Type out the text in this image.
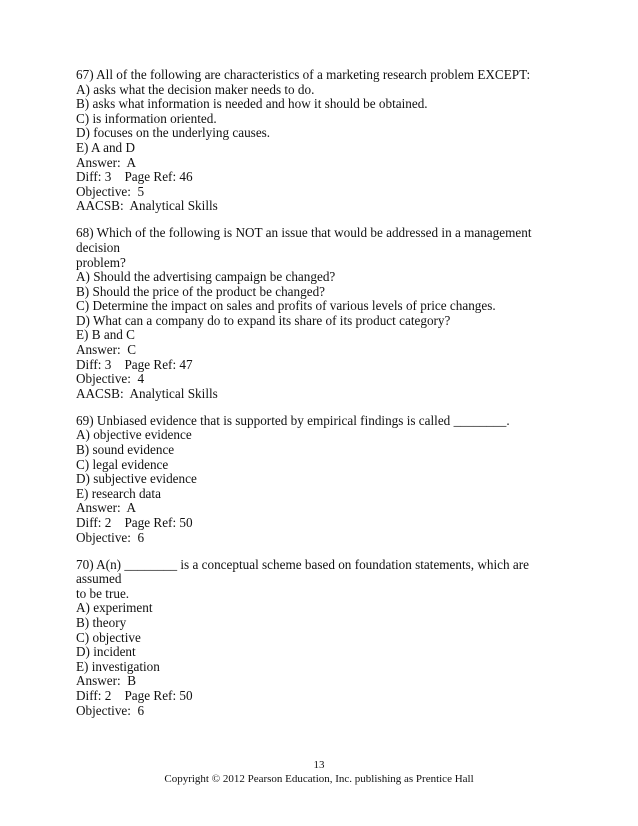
67) All of the following are characteristics of a marketing research problem EXCEPT:
A) asks what the decision maker needs to do.
B) asks what information is needed and how it should be obtained.
C) is information oriented.
D) focuses on the underlying causes.
E) A and D
Answer:  A
Diff: 3    Page Ref: 46
Objective:  5
AACSB:  Analytical Skills
68) Which of the following is NOT an issue that would be addressed in a management decision
problem?
A) Should the advertising campaign be changed?
B) Should the price of the product be changed?
C) Determine the impact on sales and profits of various levels of price changes.
D) What can a company do to expand its share of its product category?
E) B and C
Answer:  C
Diff: 3    Page Ref: 47
Objective:  4
AACSB:  Analytical Skills
69) Unbiased evidence that is supported by empirical findings is called ________.
A) objective evidence
B) sound evidence
C) legal evidence
D) subjective evidence
E) research data
Answer:  A
Diff: 2    Page Ref: 50
Objective:  6
70) A(n) ________ is a conceptual scheme based on foundation statements, which are assumed
to be true.
A) experiment
B) theory
C) objective
D) incident
E) investigation
Answer:  B
Diff: 2    Page Ref: 50
Objective:  6
13
Copyright © 2012 Pearson Education, Inc. publishing as Prentice Hall
